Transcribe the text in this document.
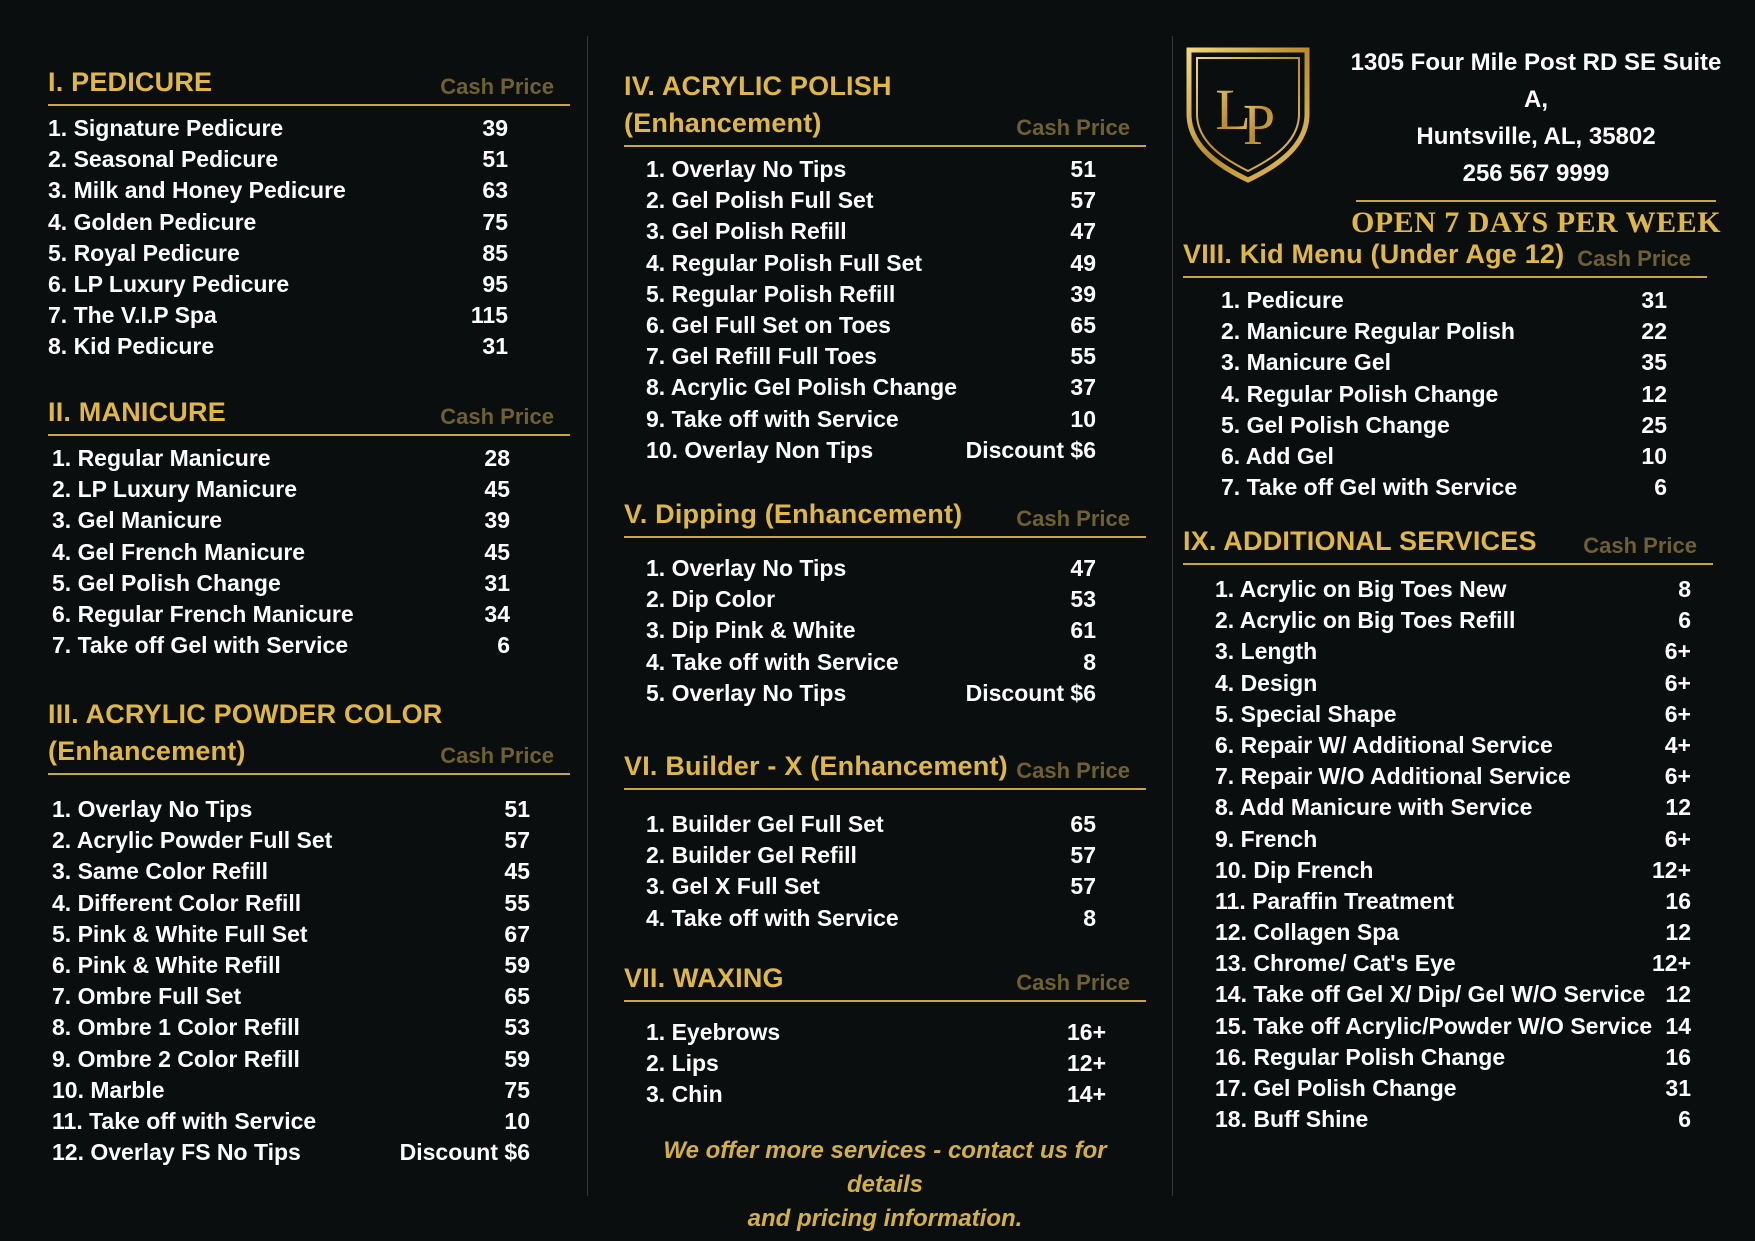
I. PEDICURE	Cash Price
1. Signature Pedicure	39
2. Seasonal Pedicure	51
3. Milk and Honey Pedicure	63
4. Golden Pedicure	75
5. Royal Pedicure	85
6. LP Luxury Pedicure	95
7. The V.I.P Spa	115
8. Kid Pedicure	31
II. MANICURE	Cash Price
1. Regular Manicure	28
2. LP Luxury Manicure	45
3. Gel Manicure	39
4. Gel French Manicure	45
5. Gel Polish Change	31
6. Regular French Manicure	34
7. Take off Gel with Service	6
III. ACRYLIC POWDER COLOR
(Enhancement)	Cash Price
1. Overlay No Tips	51
2. Acrylic Powder Full Set	57
3. Same Color Refill	45
4. Different Color Refill	55
5. Pink & White Full Set	67
6. Pink & White Refill	59
7. Ombre Full Set	65
8. Ombre 1 Color Refill	53
9. Ombre 2 Color Refill	59
10. Marble	75
11. Take off with Service	10
12. Overlay FS No Tips	Discount $6
IV. ACRYLIC POLISH
(Enhancement)	Cash Price
1. Overlay No Tips	51
2. Gel Polish Full Set	57
3. Gel Polish Refill	47
4. Regular Polish Full Set	49
5. Regular Polish Refill	39
6. Gel Full Set on Toes	65
7. Gel Refill Full Toes	55
8. Acrylic Gel Polish Change	37
9. Take off with Service	10
10. Overlay Non Tips	Discount $6
V. Dipping (Enhancement)	Cash Price
1. Overlay No Tips	47
2. Dip Color	53
3. Dip Pink & White	61
4. Take off with Service	8
5. Overlay No Tips	Discount $6
VI. Builder - X (Enhancement) Cash Price
1. Builder Gel Full Set	65
2. Builder Gel Refill	57
3. Gel X Full Set	57
4. Take off with Service	8
VII. WAXING	Cash Price
1. Eyebrows	16+
2. Lips	12+
3. Chin	14+
We offer more services - contact us for details
and pricing information.
L
P
1305 Four Mile Post RD SE Suite A,
Huntsville, AL, 35802
256 567 9999
OPEN 7 DAYS PER WEEK
VIII. Kid Menu (Under Age 12) Cash Price
1. Pedicure	31
2. Manicure Regular Polish	22
3. Manicure Gel	35
4. Regular Polish Change	12
5. Gel Polish Change	25
6. Add Gel	10
7. Take off Gel with Service	6
IX. ADDITIONAL SERVICES	Cash Price
1. Acrylic on Big Toes New	8
2. Acrylic on Big Toes Refill	6
3. Length	6+
4. Design	6+
5. Special Shape	6+
6. Repair W/ Additional Service	4+
7. Repair W/O Additional Service	6+
8. Add Manicure with Service	12
9. French	6+
10. Dip French	12+
11. Paraffin Treatment	16
12. Collagen Spa	12
13. Chrome/ Cat's Eye	12+
14. Take off Gel X/ Dip/ Gel W/O Service 12
15. Take off Acrylic/Powder W/O Service 14
16. Regular Polish Change	16
17. Gel Polish Change	31
18. Buff Shine	6
